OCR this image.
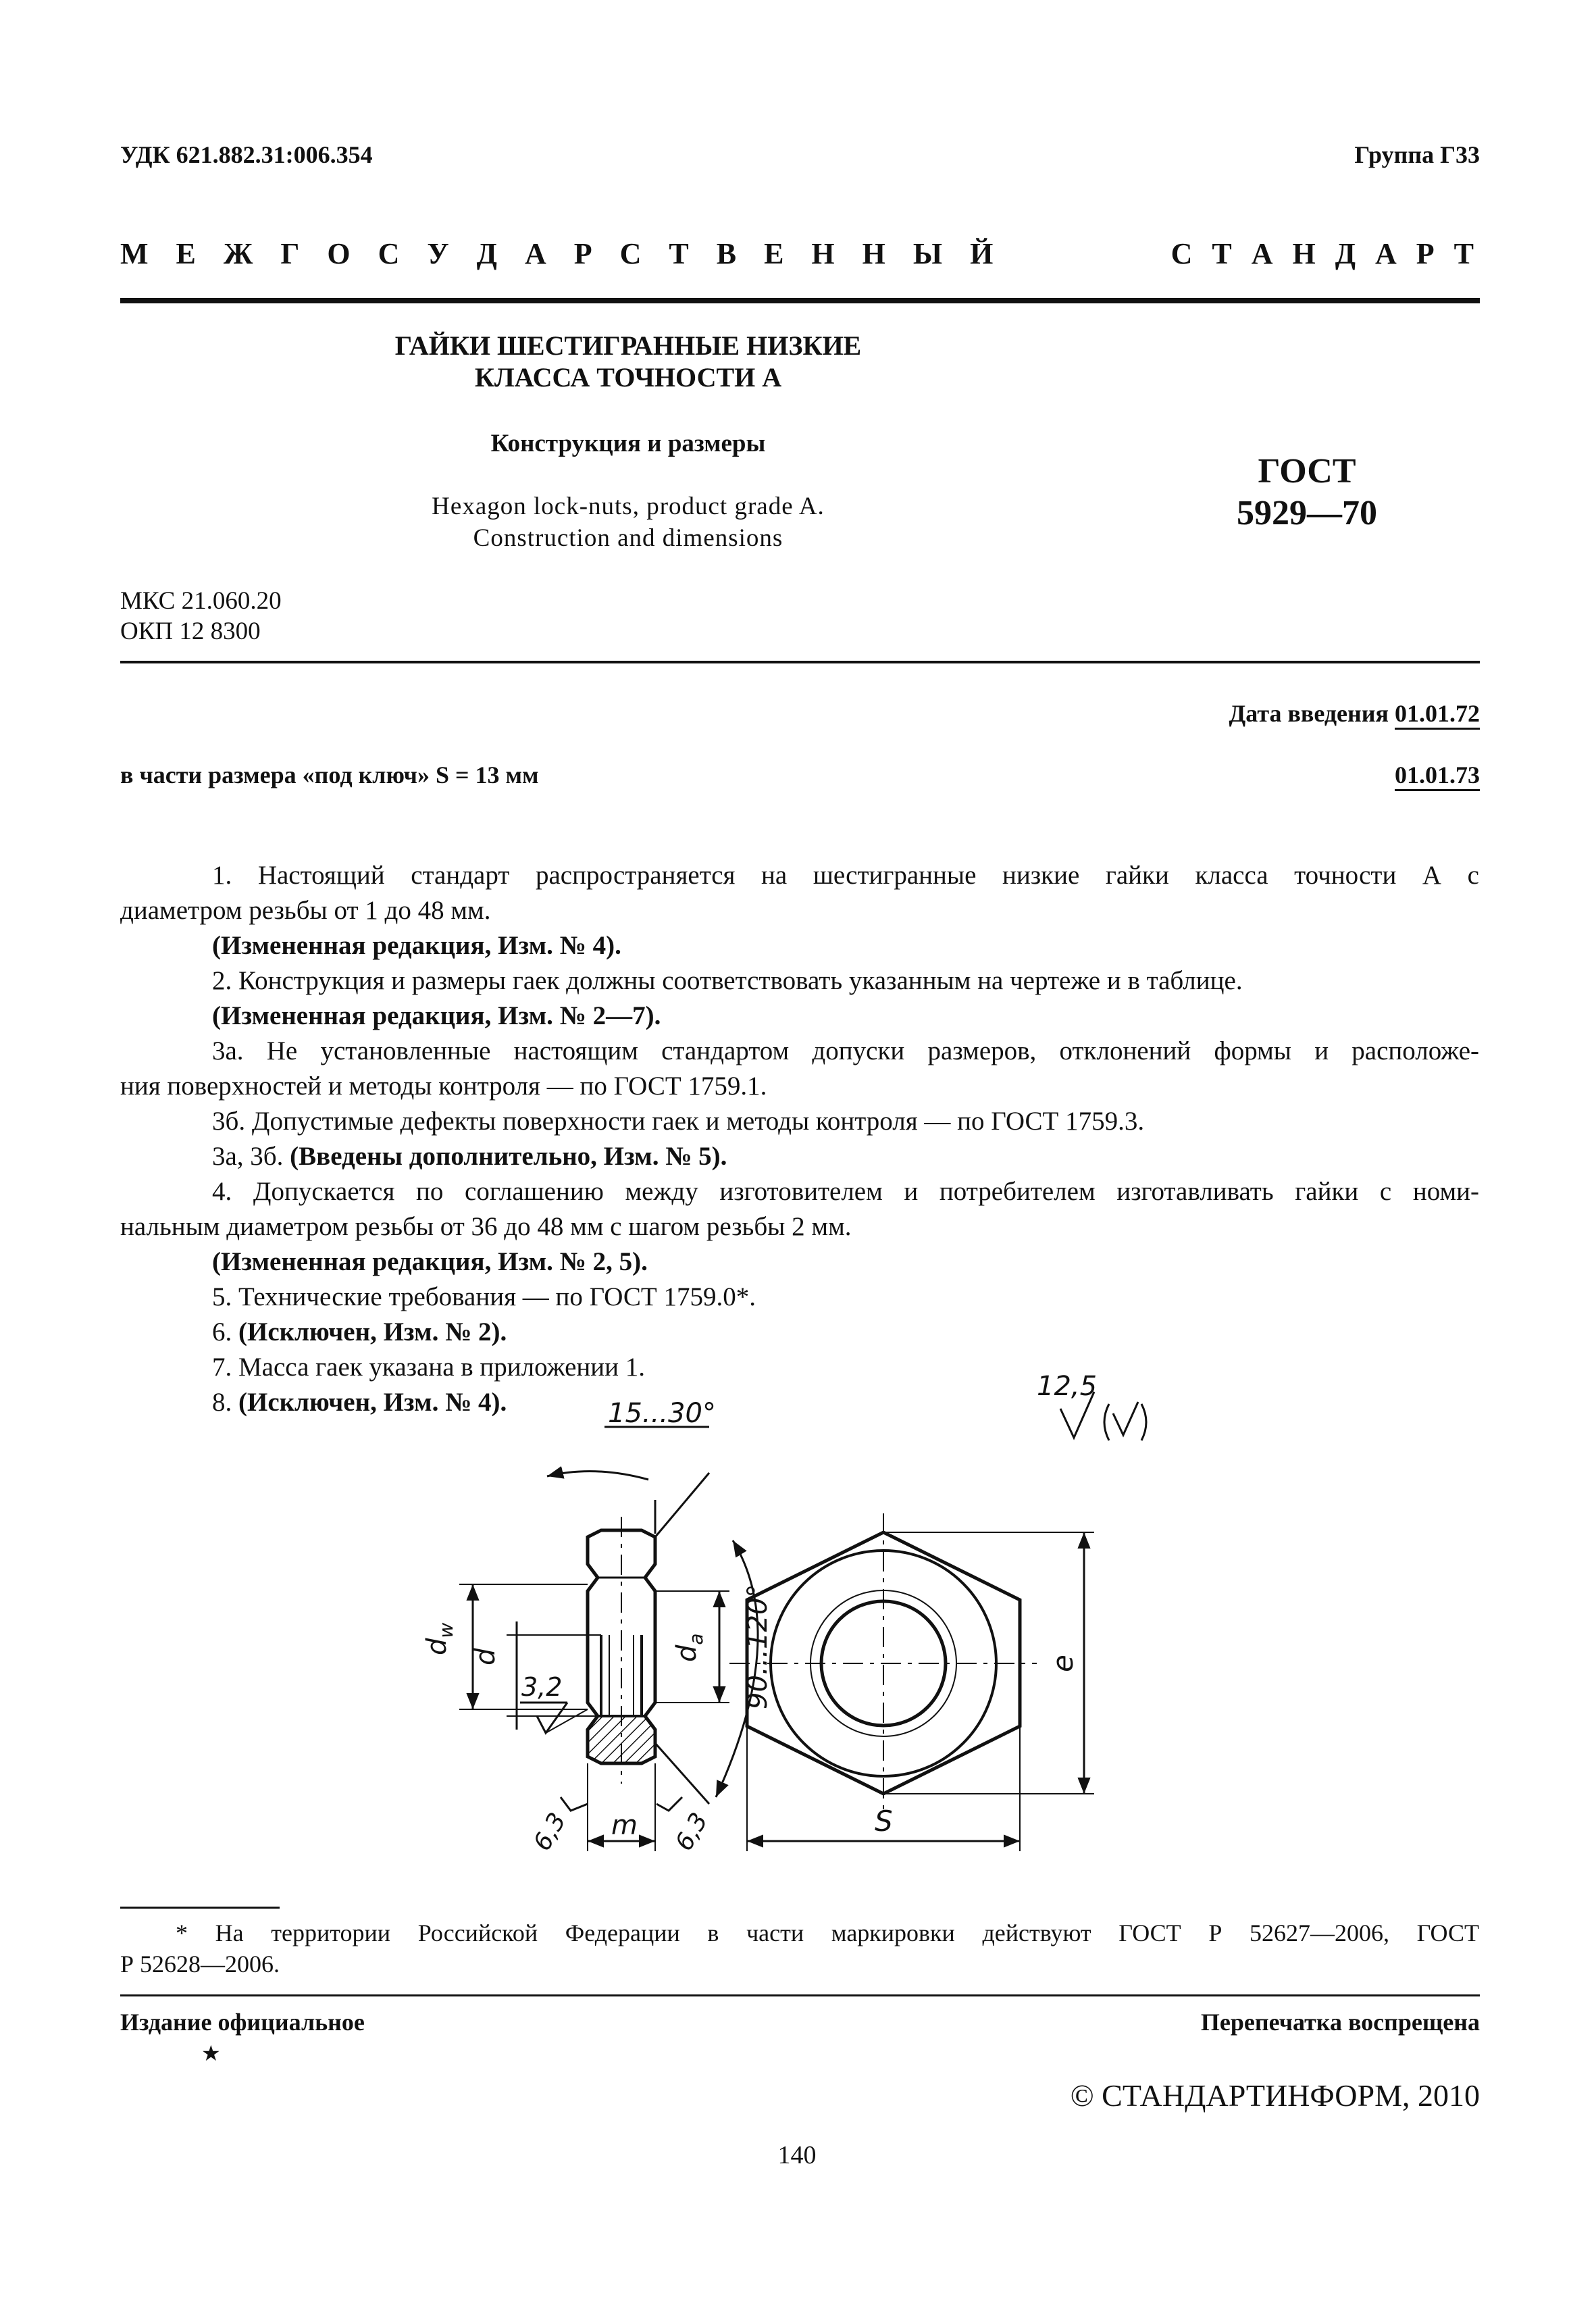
УДК 621.882.31:006.354	Группа Г33
М Е Ж Г О С У Д А Р С Т В Е Н Н Ы Й	С Т А Н Д А Р Т
ГАЙКИ ШЕСТИГРАННЫЕ НИЗКИЕ
КЛАССА ТОЧНОСТИ А
Конструкция и размеры
Hexagon lock-nuts, product grade A.
Construction and dimensions
ГОСТ
5929—70
МКС 21.060.20
ОКП 12 8300
Дата введения 01.01.72
в части размера «под ключ» S = 13 мм	01.01.73
1. Настоящий стандарт распространяется на шестигранные низкие гайки класса точности А с
диаметром резьбы от 1 до 48 мм.
(Измененная редакция, Изм. № 4).
2. Конструкция и размеры гаек должны соответствовать указанным на чертеже и в таблице.
(Измененная редакция, Изм. № 2—7).
3а. Не установленные настоящим стандартом допуски размеров, отклонений формы и расположе-
ния поверхностей и методы контроля — по ГОСТ 1759.1.
3б. Допустимые дефекты поверхности гаек и методы контроля — по ГОСТ 1759.3.
3а, 3б. (Введены дополнительно, Изм. № 5).
4. Допускается по соглашению между изготовителем и потребителем изготавливать гайки с номи-
нальным диаметром резьбы от 36 до 48 мм с шагом резьбы 2 мм.
(Измененная редакция, Изм. № 2, 5).
5. Технические требования — по ГОСТ 1759.0*.
6. (Исключен, Изм. № 2).
7. Масса гаек указана в приложении 1.
8. (Исключен, Изм. № 4).
12,5
15...30°
90...120°
$d_w$
d
3,2
$d_a$
m
6,3	6,3	S
e
* На территории Российской Федерации в части маркировки действуют ГОСТ Р 52627—2006, ГОСТ
Р 52628—2006.
Издание официальное	Перепечатка воспрещена
★
© СТАНДАРТИНФОРМ, 2010
140
